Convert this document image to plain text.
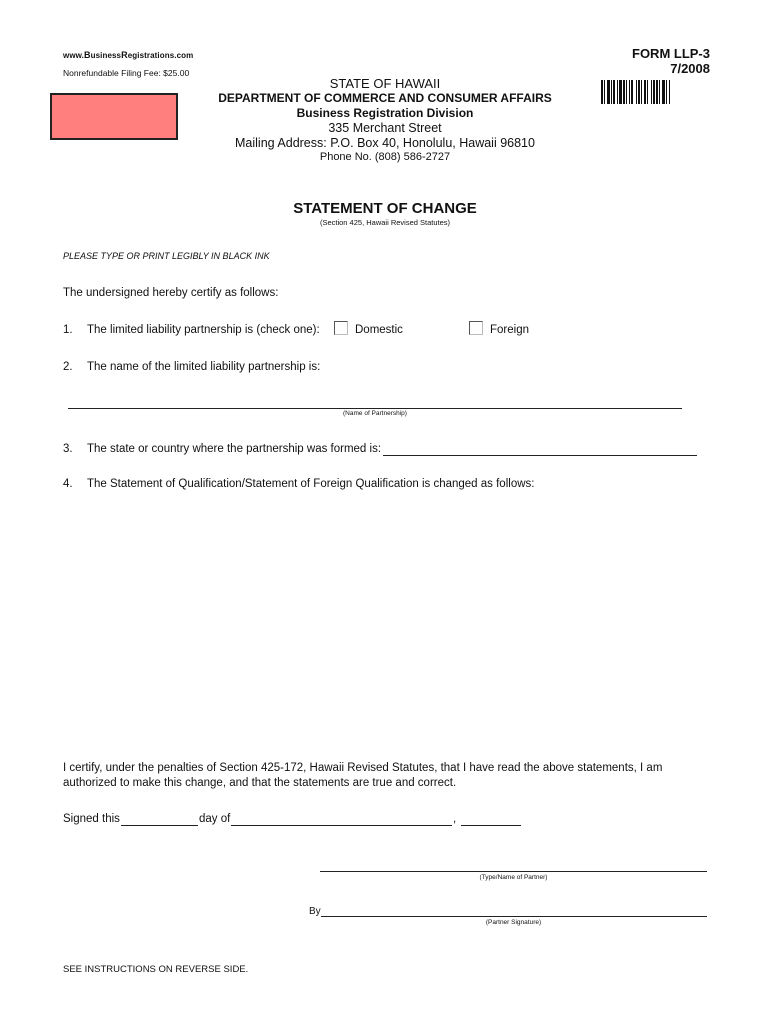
www.BusinessRegistrations.com
Nonrefundable Filing Fee: $25.00
FORM LLP-3
7/2008
STATE OF HAWAII
DEPARTMENT OF COMMERCE AND CONSUMER AFFAIRS
Business Registration Division
335 Merchant Street
Mailing Address: P.O. Box 40, Honolulu, Hawaii 96810
Phone No. (808) 586-2727
STATEMENT OF CHANGE
(Section 425, Hawaii Revised Statutes)
PLEASE TYPE OR PRINT LEGIBLY IN BLACK INK
The undersigned hereby certify as follows:
1. The limited liability partnership is (check one):	Domestic	Foreign
2. The name of the limited liability partnership is:
(Name of Partnership)
3. The state or country where the partnership was formed is:
4. The Statement of Qualification/Statement of Foreign Qualification is changed as follows:
I certify, under the penalties of Section 425-172, Hawaii Revised Statutes, that I have read the above statements, I am authorized to make this change, and that the statements are true and correct.
Signed this	day of	,
(Type/Name of Partner)
By
(Partner Signature)
SEE INSTRUCTIONS ON REVERSE SIDE.
